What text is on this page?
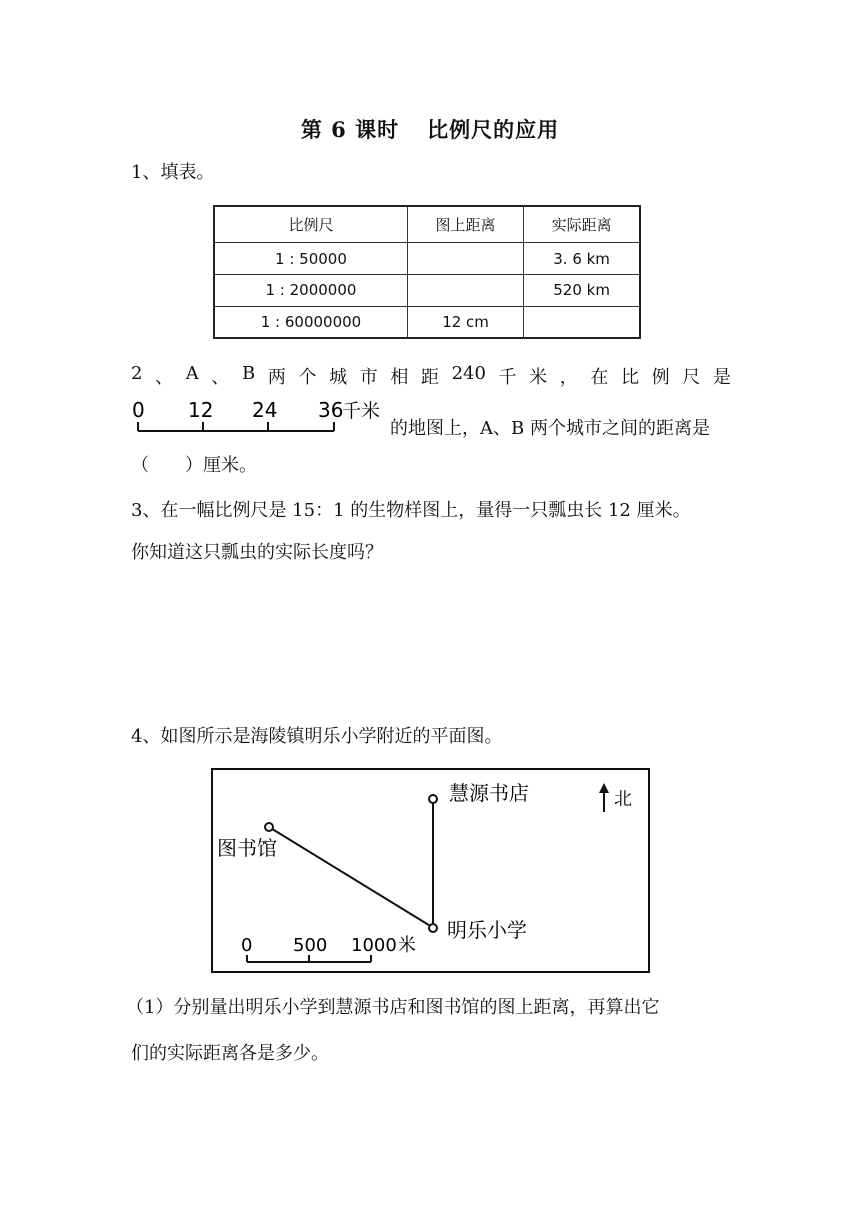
第 6 课时 比例尺的应用
1、填表。
比例尺	图上距离	实际距离
1 : 50000		3. 6 km
1 : 2000000		520 km
1 : 60000000	12 cm	
2 、 A 、 B 两 个 城 市 相 距 240 千 米 ， 在 比 例 尺 是
0 12 24 36
千米
的地图上，A、B 两个城市之间的距离是
（　　）厘米。
3、在一幅比例尺是 15：1 的生物样图上，量得一只瓢虫长 12 厘米。
你知道这只瓢虫的实际长度吗？
4、如图所示是海陵镇明乐小学附近的平面图。
图书馆
慧源书店
明乐小学
北
0 500 1000 米
（1）分别量出明乐小学到慧源书店和图书馆的图上距离，再算出它
们的实际距离各是多少。
